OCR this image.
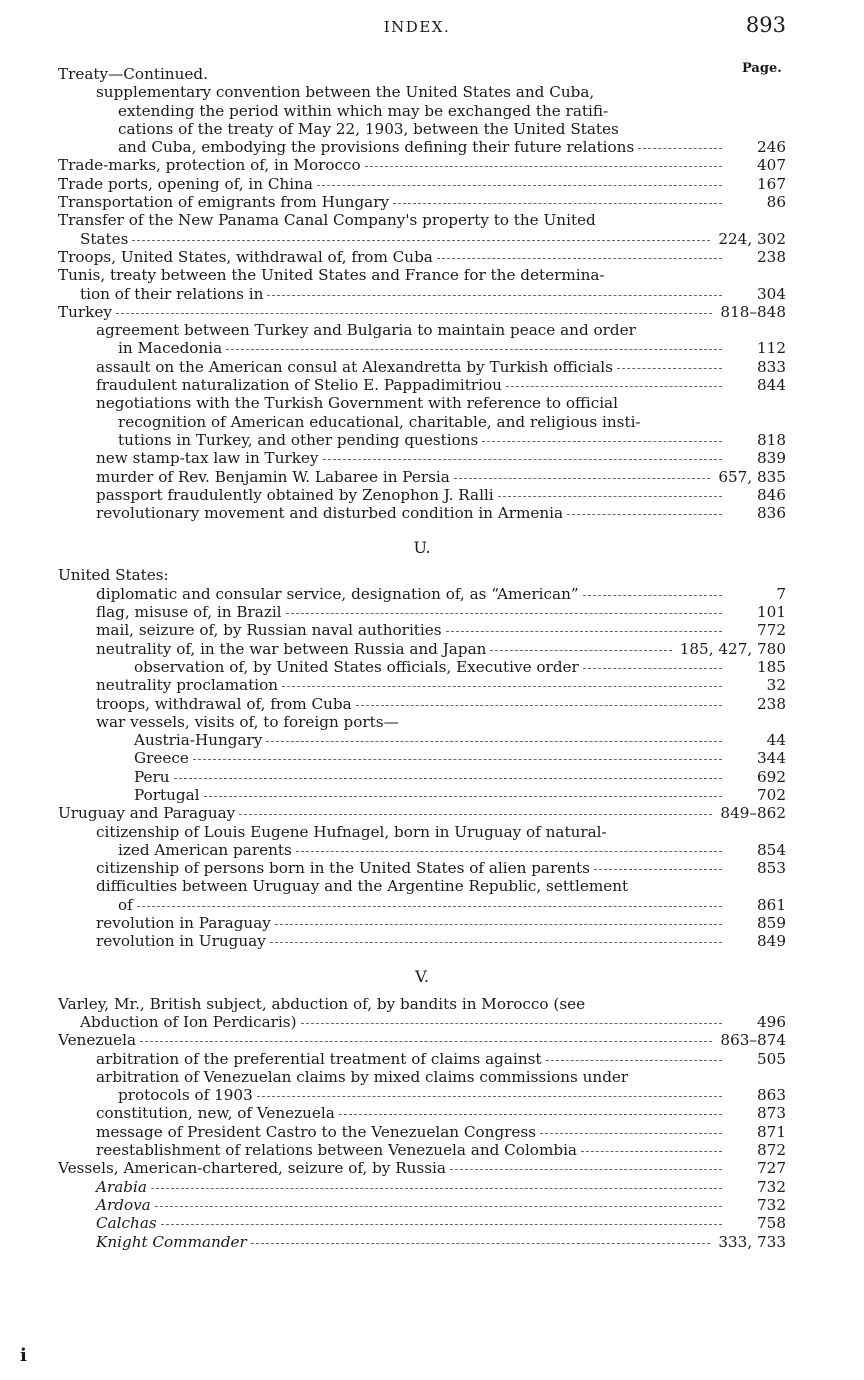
INDEX.	893
Page.
Treaty—Continued.
supplementary convention between the United States and Cuba,
extending the period within which may be exchanged the ratifi-
cations of the treaty of May 22, 1903, between the United States
and Cuba, embodying the provisions defining their future relations	246
Trade-marks, protection of, in Morocco	407
Trade ports, opening of, in China	167
Transportation of emigrants from Hungary	86
Transfer of the New Panama Canal Company's property to the United
States	224, 302
Troops, United States, withdrawal of, from Cuba	238
Tunis, treaty between the United States and France for the determina-
tion of their relations in	304
Turkey	818–848
agreement between Turkey and Bulgaria to maintain peace and order
in Macedonia	112
assault on the American consul at Alexandretta by Turkish officials	833
fraudulent naturalization of Stelio E. Pappadimitriou	844
negotiations with the Turkish Government with reference to official
recognition of American educational, charitable, and religious insti-
tutions in Turkey, and other pending questions	818
new stamp-tax law in Turkey	839
murder of Rev. Benjamin W. Labaree in Persia	657, 835
passport fraudulently obtained by Zenophon J. Ralli	846
revolutionary movement and disturbed condition in Armenia	836
U.
United States:
diplomatic and consular service, designation of, as “American”	7
flag, misuse of, in Brazil	101
mail, seizure of, by Russian naval authorities	772
neutrality of, in the war between Russia and Japan	185, 427, 780
observation of, by United States officials, Executive order	185
neutrality proclamation	32
troops, withdrawal of, from Cuba	238
war vessels, visits of, to foreign ports—
Austria-Hungary	44
Greece	344
Peru	692
Portugal	702
Uruguay and Paraguay	849–862
citizenship of Louis Eugene Hufnagel, born in Uruguay of natural-
ized American parents	854
citizenship of persons born in the United States of alien parents	853
difficulties between Uruguay and the Argentine Republic, settlement
of	861
revolution in Paraguay	859
revolution in Uruguay	849
V.
Varley, Mr., British subject, abduction of, by bandits in Morocco (see
Abduction of Ion Perdicaris)	496
Venezuela	863–874
arbitration of the preferential treatment of claims against	505
arbitration of Venezuelan claims by mixed claims commissions under
protocols of 1903	863
constitution, new, of Venezuela	873
message of President Castro to the Venezuelan Congress	871
reestablishment of relations between Venezuela and Colombia	872
Vessels, American-chartered, seizure of, by Russia	727
Arabia	732
Ardova	732
Calchas	758
Knight Commander	333, 733
i
